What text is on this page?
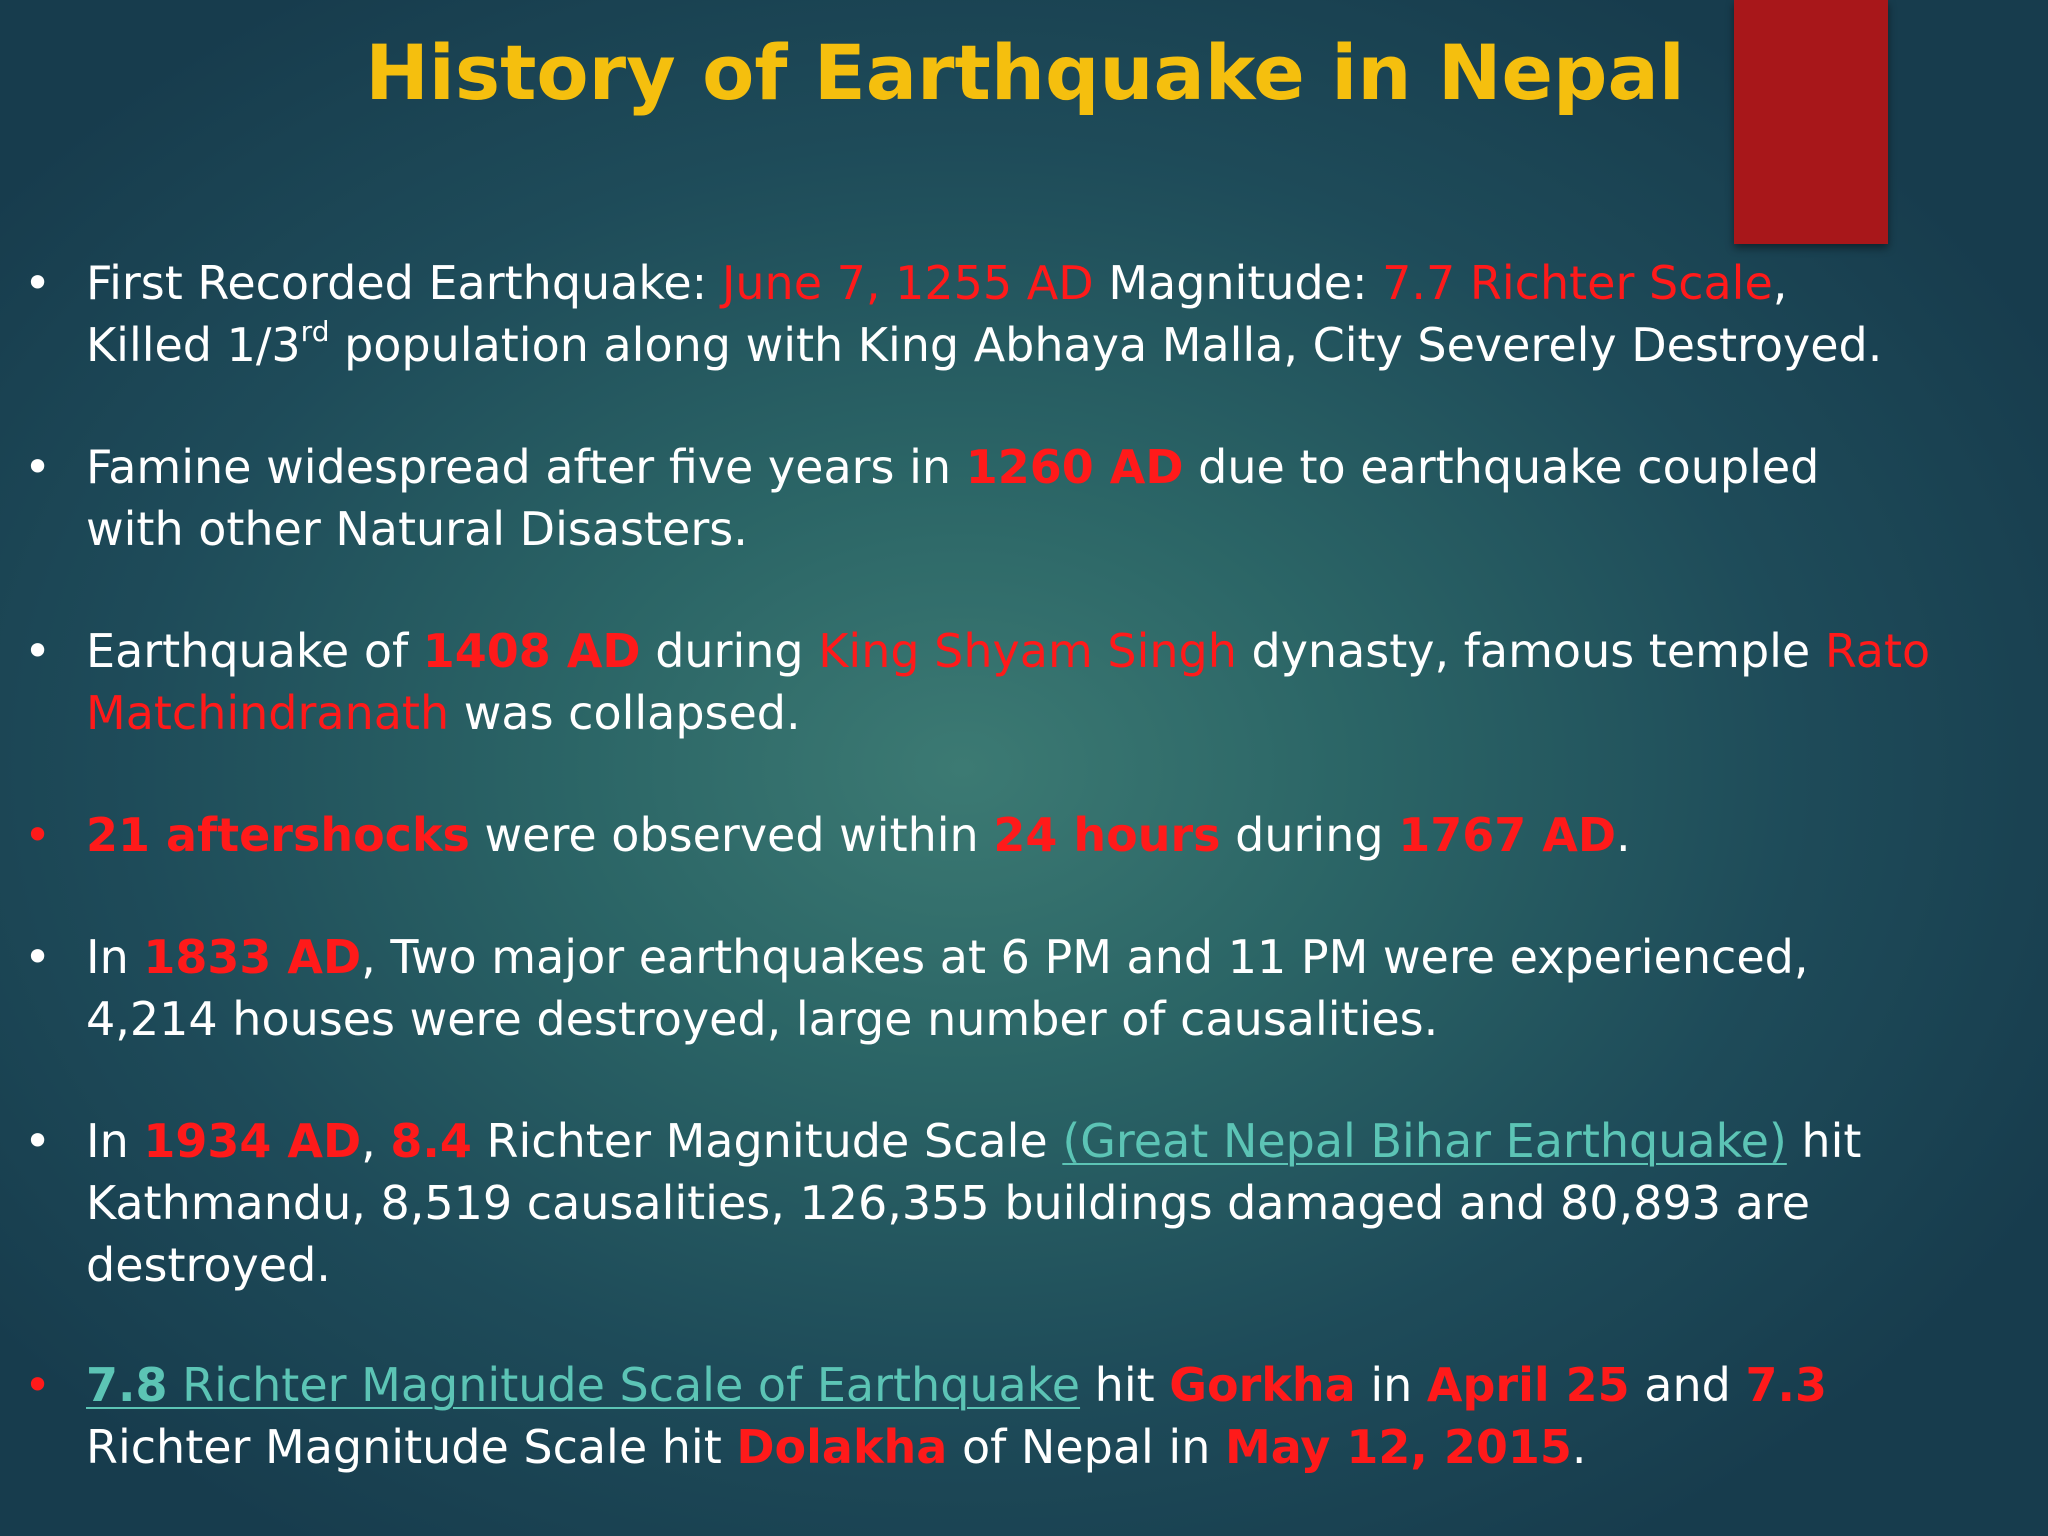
History of Earthquake in Nepal
• First Recorded Earthquake: June 7, 1255 AD Magnitude: 7.7 Richter Scale,
Killed 1/3rd population along with King Abhaya Malla, City Severely Destroyed.
• Famine widespread after five years in 1260 AD due to earthquake coupled
with other Natural Disasters.
• Earthquake of 1408 AD during King Shyam Singh dynasty, famous temple Rato
Matchindranath was collapsed.
• 21 aftershocks were observed within 24 hours during 1767 AD.
• In 1833 AD, Two major earthquakes at 6 PM and 11 PM were experienced,
4,214 houses were destroyed, large number of causalities.
• In 1934 AD, 8.4 Richter Magnitude Scale (Great Nepal Bihar Earthquake) hit
Kathmandu, 8,519 causalities, 126,355 buildings damaged and 80,893 are
destroyed.
• 7.8 Richter Magnitude Scale of Earthquake hit Gorkha in April 25 and 7.3
Richter Magnitude Scale hit Dolakha of Nepal in May 12, 2015.
